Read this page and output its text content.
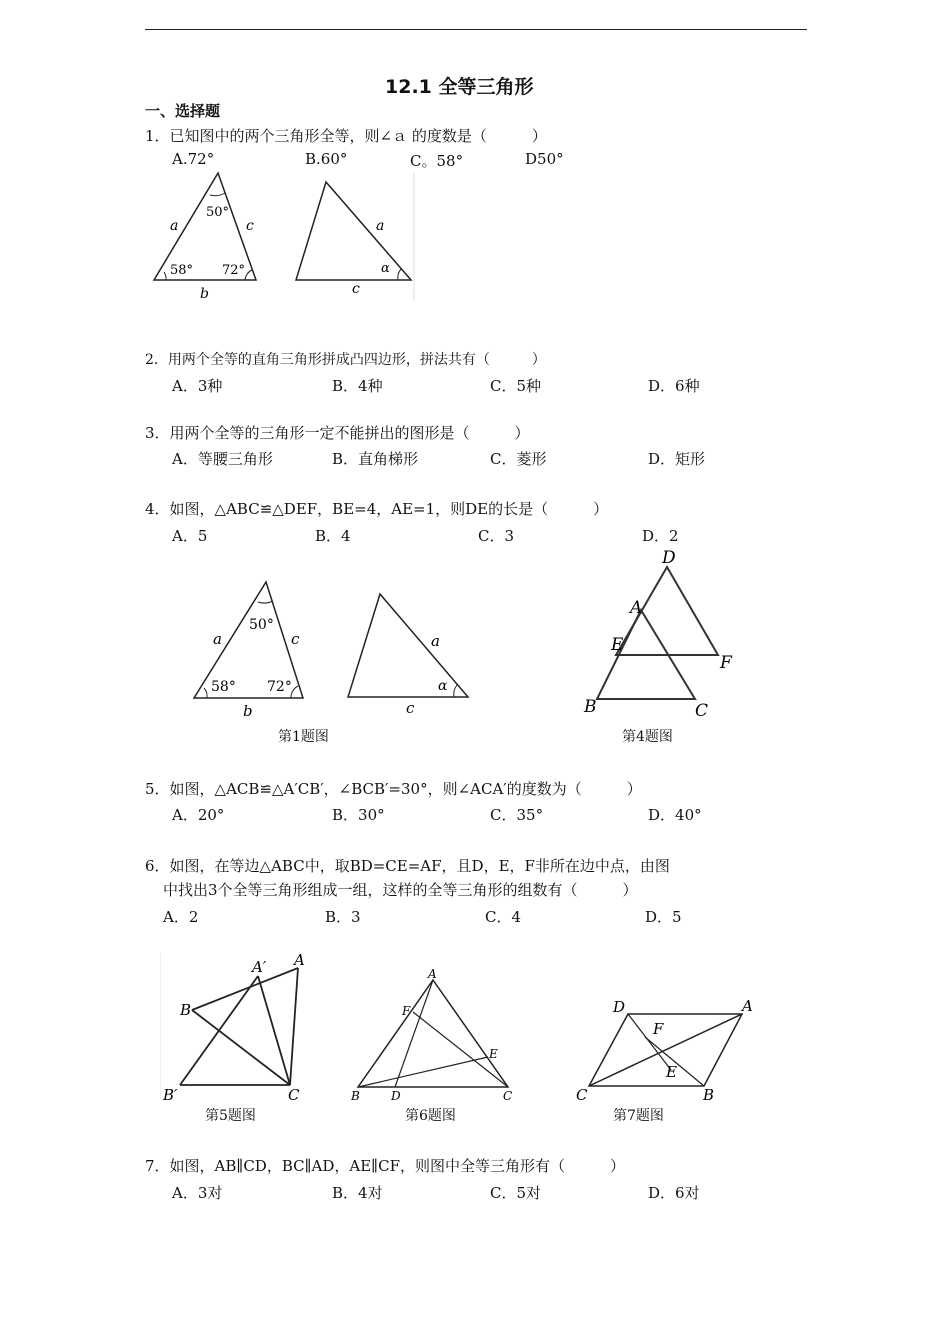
12.1 全等三角形
一、选择题
1．已知图中的两个三角形全等，则∠ａ 的度数是（　　　）
A.72°	B.60°	C。58°	D50°
50°
58° 72°
a	c
b
a
α
c
2．用两个全等的直角三角形拼成凸四边形，拼法共有（　　　）
A．3种	B．4种	C．5种	D．6种
3．用两个全等的三角形一定不能拼出的图形是（　　　）
A．等腰三角形	B．直角梯形	C．菱形	D．矩形
4．如图，△ABC≌△DEF，BE=4，AE=1，则DE的长是（　　　）
A．5	B．4	C．3	D．2
50°
58° 72°
a	c
b
a
α
c
第1题图
D
A
E
F
B	C
第4题图
5．如图，△ACB≌△A′CB′，∠BCB′=30°，则∠ACA′的度数为（　　　）
A．20°	B．30°	C．35°	D．40°
6．如图，在等边△ABC中，取BD=CE=AF，且D，E，F非所在边中点，由图
中找出3个全等三角形组成一组，这样的全等三角形的组数有（　　　）
A．2	B．3	C．4	D．5
A′ A
B
B′	C
第5题图
A
F
E
B	D	C
第6题图
D	A
F
E
C	B
第7题图
7．如图，AB∥CD，BC∥AD，AE∥CF，则图中全等三角形有（　　　）
A．3对	B．4对	C．5对	D．6对
